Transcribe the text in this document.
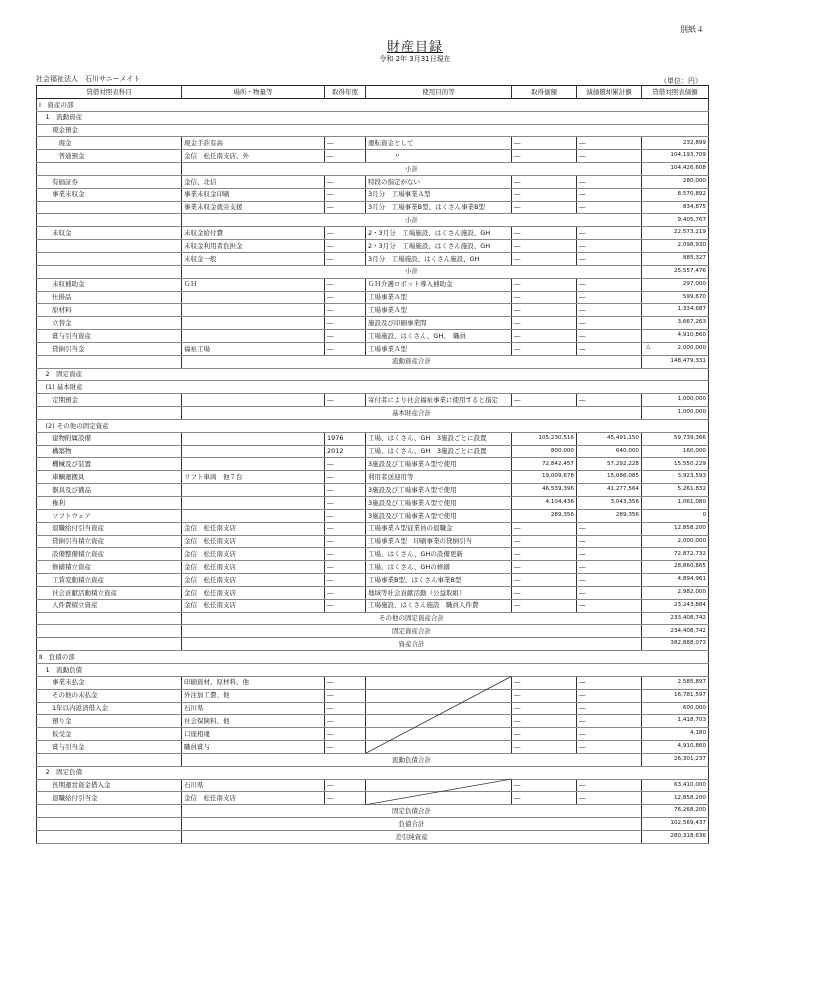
別紙４
財産目録
令和 2年 3月31日現在
社会福祉法人　石川サニーメイト	（単位：円）
貸借対照表科目	場所・物量等	取得年度	使用目的等	取得価額	減価償却累計額	貸借対照表価額
Ⅰ　資産の部						
　1　流動資産						
　　現金預金						
　　　現金	現金手許有高	―	運転資金として	―	―	232,899
　　　普通預金	金信　松任南支店、外	―	　　　　〃	―	―	104,193,709
	小計					104,426,608
　　有価証券	金信、北信	―	特段の指定がない	―	―	280,000
　　事業未収金	事業未収金印刷	―	3月分　工場事業Ａ型	―	―	8,570,892
	事業未収金就労支援	―	3月分　工場事業B型、はくさん事業B型	―	―	834,875
	小計					9,405,767
　　未収金	未収金給付費	―	2・3月分　工場施設、はくさん施設、GH	―	―	22,573,219
	未収金利用者負担金	―	2・3月分　工場施設、はくさん施設、GH	―	―	2,098,930
	未収金一般	―	3月分　工場施設、はくさん施設、GH	―	―	885,327
	小計					25,557,476
　　未収補助金	ＧＨ	―	ＧＨ介護ロボット導入補助金	―	―	297,000
　　仕掛品		―	工場事業Ａ型	―	―	599,670
　　原材料		―	工場事業Ａ型	―	―	1,334,687
　　立替金		―	施設及び印刷事業間	―	―	3,667,263
　　賞与引当資産		―	工場施設、はくさん、GH、　職員	―	―	4,910,860
　　貸倒引当金	福祉工場	―	工場事業Ａ型	―	―	△ 2,000,000
	流動資産合計					148,479,331
　2　固定資産						
　(1) 基本財産						
　　定期預金		―	寄付者により社会福祉事業に使用すると指定	―	―	1,000,000
	基本財産合計					1,000,000
　(2) その他の固定資産						
　　建物附属設備		1976	工場、はくさん、GH　3施設ごとに設置	105,230,516	45,491,150	59,739,366
　　構築物		2012	工場、はくさん、GH　3施設ごとに設置	800,000	640,000	160,000
　　機械及び装置		―	3施設及び工場事業Ａ型で使用	72,842,457	57,292,228	15,550,229
　　車輌運搬具	リフト車両　他７台	―	利用者送迎用等	19,009,678	15,086,085	3,923,593
　　器具及び備品		―	3施設及び工場事業Ａ型で使用	46,539,396	41,277,564	5,261,832
　　権利		―	3施設及び工場事業Ａ型で使用	4,104,436	3,043,356	1,061,080
　　ソフトウェア		―	3施設及び工場事業Ａ型で使用	289,356	289,356	0
　　退職給付引当資産	金信　松任南支店	―	工場事業Ａ型従業員の退職金	―	―	12,858,200
　　貸倒引当積立資産	金信　松任南支店	―	工場事業Ａ型　印刷事業の貸倒引当	―	―	2,000,000
　　設備整備積立資産	金信　松任南支店	―	工場、はくさん、GHの設備更新	―	―	72,872,732
　　修繕積立資産	金信　松任南支店	―	工場、はくさん、GHの修繕	―	―	28,860,865
　　工賃変動積立資産	金信　松任南支店	―	工場事業B型、はくさん事業B型	―	―	4,894,961
　　社会貢献活動積立資産	金信　松任南支店	―	地域等社会貢献活動（公益取組）	―	―	2,982,000
　　人件費積立資産	金信　松任南支店	―	工場施設、はくさん施設　職員人件費	―	―	23,243,884
	その他の固定資産合計					233,408,742
	固定資産合計					234,408,742
	資産合計					382,888,073
Ⅱ　負債の部						
　1　流動負債						
　　事業未払金	印刷資材、原材料、他	―		―	―	2,585,897
　　その他の未払金	外注加工費、他	―		―	―	16,781,597
　　1年以内返済借入金	石川県	―		―	―	600,000
　　預り金	社会保険料、他	―		―	―	1,418,703
　　仮受金	口座相違	―		―	―	4,180
　　賞与引当金	職員賞与	―		―	―	4,910,860
	流動負債合計					26,301,237
　2　固定負債						
　　長期運営資金借入金	石川県	―		―	―	63,410,000
　　退職給付引当金	金信　松任南支店	―		―	―	12,858,200
	固定負債合計					76,268,200
	負債合計					102,569,437
	差引純資産					280,318,636
